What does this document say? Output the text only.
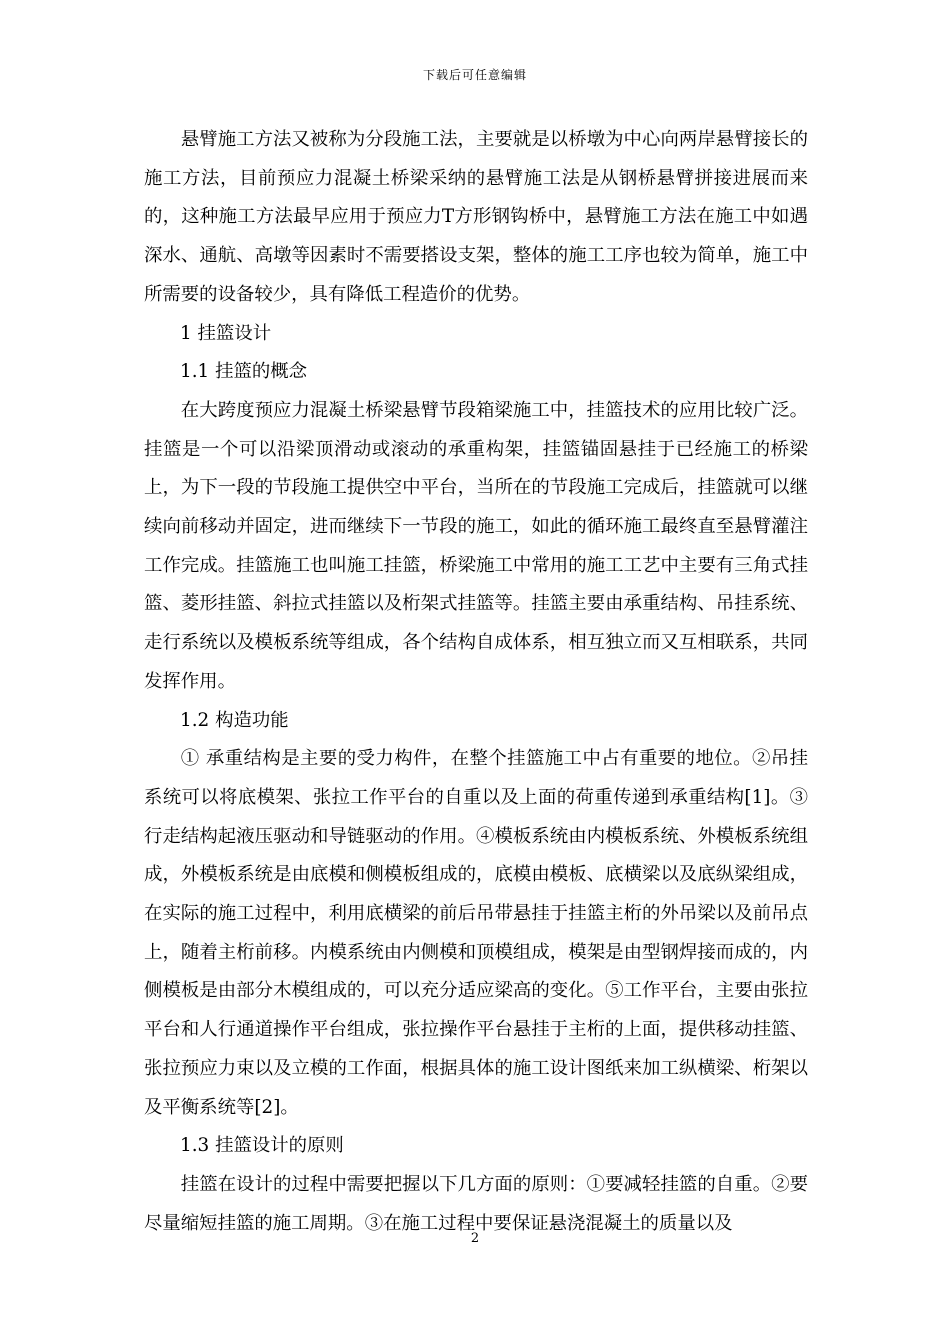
下载后可任意编辑

悬臂施工方法又被称为分段施工法，主要就是以桥墩为中心向两岸悬臂接长的施工方法，目前预应力混凝土桥梁采纳的悬臂施工法是从钢桥悬臂拼接进展而来的，这种施工方法最早应用于预应力T方形钢钩桥中，悬臂施工方法在施工中如遇深水、通航、高墩等因素时不需要搭设支架，整体的施工工序也较为简单，施工中所需要的设备较少，具有降低工程造价的优势。

1 挂篮设计

1.1 挂篮的概念

在大跨度预应力混凝土桥梁悬臂节段箱梁施工中，挂篮技术的应用比较广泛。挂篮是一个可以沿梁顶滑动或滚动的承重构架，挂篮锚固悬挂于已经施工的桥梁上，为下一段的节段施工提供空中平台，当所在的节段施工完成后，挂篮就可以继续向前移动并固定，进而继续下一节段的施工，如此的循环施工最终直至悬臂灌注工作完成。挂篮施工也叫施工挂篮，桥梁施工中常用的施工工艺中主要有三角式挂篮、菱形挂篮、斜拉式挂篮以及桁架式挂篮等。挂篮主要由承重结构、吊挂系统、走行系统以及模板系统等组成，各个结构自成体系，相互独立而又互相联系，共同发挥作用。

1.2 构造功能

① 承重结构是主要的受力构件，在整个挂篮施工中占有重要的地位。②吊挂系统可以将底模架、张拉工作平台的自重以及上面的荷重传递到承重结构[1]。③行走结构起液压驱动和导链驱动的作用。④模板系统由内模板系统、外模板系统组成，外模板系统是由底模和侧模板组成的，底模由模板、底横梁以及底纵梁组成，在实际的施工过程中，利用底横梁的前后吊带悬挂于挂篮主桁的外吊梁以及前吊点上，随着主桁前移。内模系统由内侧模和顶模组成，模架是由型钢焊接而成的，内侧模板是由部分木模组成的，可以充分适应梁高的变化。⑤工作平台，主要由张拉平台和人行通道操作平台组成，张拉操作平台悬挂于主桁的上面，提供移动挂篮、张拉预应力束以及立模的工作面，根据具体的施工设计图纸来加工纵横梁、桁架以及平衡系统等[2]。

1.3 挂篮设计的原则

挂篮在设计的过程中需要把握以下几方面的原则：①要减轻挂篮的自重。②要尽量缩短挂篮的施工周期。③在施工过程中要保证悬浇混凝土的质量以及

2
